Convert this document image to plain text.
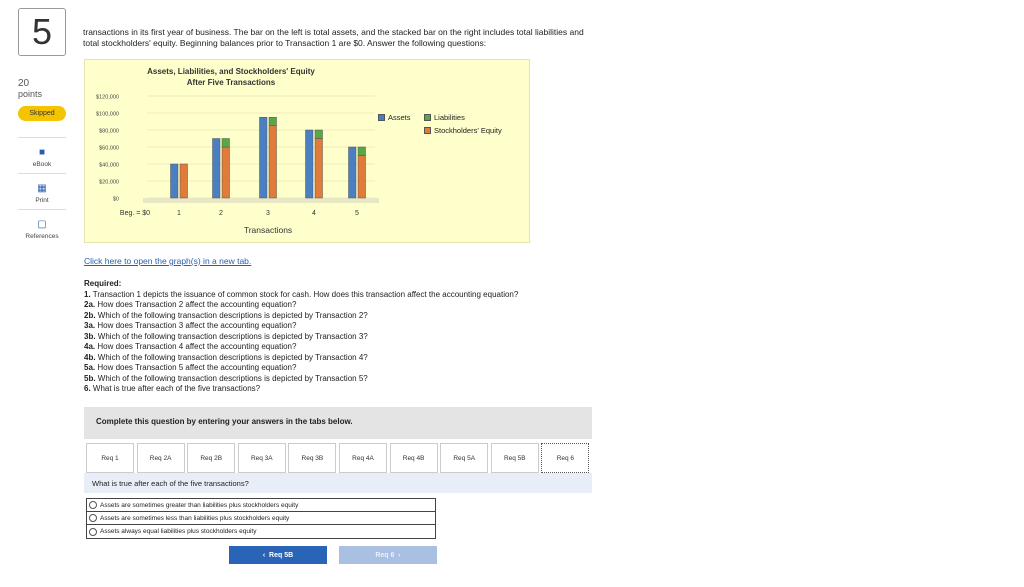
5
20
points
Skipped
■
eBook
▦
Print
▢
References
transactions in its first year of business. The bar on the left is total assets, and the stacked bar on the right includes total liabilities and
total stockholders' equity. Beginning balances prior to Transaction 1 are $0. Answer the following questions:
Assets, Liabilities, and Stockholders' Equity
After Five Transactions
Transactions
$120,000
$100,000
$80,000
$60,000
$40,000
$20,000
$0
Beg. = $0	1	2	3	4	5
Assets	Liabilities
Stockholders' Equity
Click here to open the graph(s) in a new tab.
Required:
1. Transaction 1 depicts the issuance of common stock for cash. How does this transaction affect the accounting equation?
2a. How does Transaction 2 affect the accounting equation?
2b. Which of the following transaction descriptions is depicted by Transaction 2?
3a. How does Transaction 3 affect the accounting equation?
3b. Which of the following transaction descriptions is depicted by Transaction 3?
4a. How does Transaction 4 affect the accounting equation?
4b. Which of the following transaction descriptions is depicted by Transaction 4?
5a. How does Transaction 5 affect the accounting equation?
5b. Which of the following transaction descriptions is depicted by Transaction 5?
6. What is true after each of the five transactions?
Complete this question by entering your answers in the tabs below.
Req 1	Req 2A	Req 2B	Req 3A	Req 3B	Req 4A	Req 4B	Req 5A	Req 5B	Req 6
What is true after each of the five transactions?
Assets are sometimes greater than liabilities plus stockholders equity
Assets are sometimes less than liabilities plus stockholders equity
Assets always equal liabilities plus stockholders equity
‹ Req 5B	Req 6 ›
